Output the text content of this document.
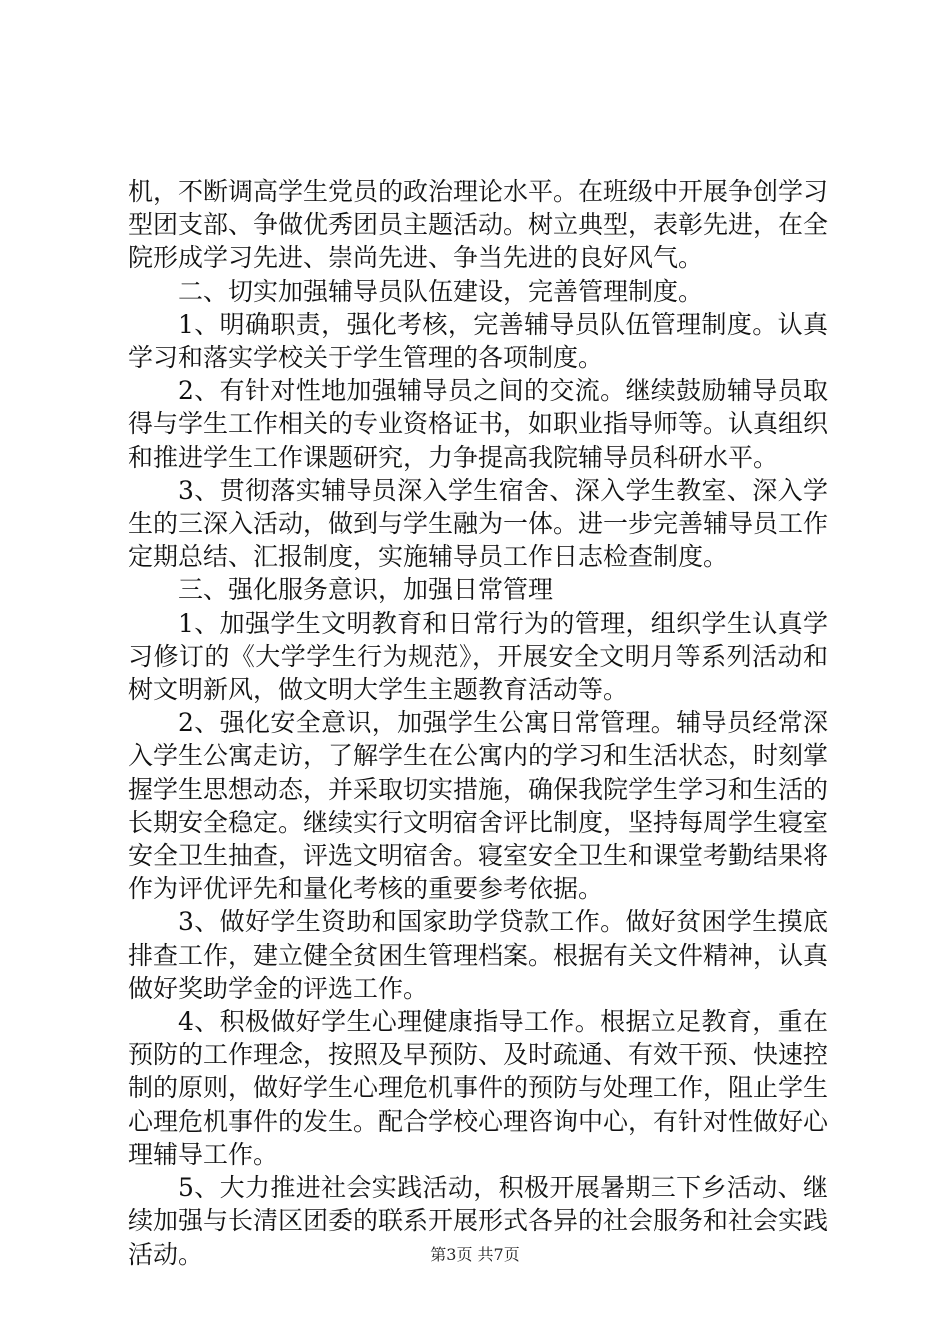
机，不断调高学生党员的政治理论水平。在班级中开展争创学习型团支部、争做优秀团员主题活动。树立典型，表彰先进，在全院形成学习先进、崇尚先进、争当先进的良好风气。

二、切实加强辅导员队伍建设，完善管理制度。

1、明确职责，强化考核，完善辅导员队伍管理制度。认真学习和落实学校关于学生管理的各项制度。

2、有针对性地加强辅导员之间的交流。继续鼓励辅导员取得与学生工作相关的专业资格证书，如职业指导师等。认真组织和推进学生工作课题研究，力争提高我院辅导员科研水平。

3、贯彻落实辅导员深入学生宿舍、深入学生教室、深入学生的三深入活动，做到与学生融为一体。进一步完善辅导员工作定期总结、汇报制度，实施辅导员工作日志检查制度。

三、强化服务意识，加强日常管理

1、加强学生文明教育和日常行为的管理，组织学生认真学习修订的《大学学生行为规范》，开展安全文明月等系列活动和树文明新风，做文明大学生主题教育活动等。

2、强化安全意识，加强学生公寓日常管理。辅导员经常深入学生公寓走访，了解学生在公寓内的学习和生活状态，时刻掌握学生思想动态，并采取切实措施，确保我院学生学习和生活的长期安全稳定。继续实行文明宿舍评比制度，坚持每周学生寝室安全卫生抽查，评选文明宿舍。寝室安全卫生和课堂考勤结果将作为评优评先和量化考核的重要参考依据。

3、做好学生资助和国家助学贷款工作。做好贫困学生摸底排查工作，建立健全贫困生管理档案。根据有关文件精神，认真做好奖助学金的评选工作。

4、积极做好学生心理健康指导工作。根据立足教育，重在预防的工作理念，按照及早预防、及时疏通、有效干预、快速控制的原则，做好学生心理危机事件的预防与处理工作，阻止学生心理危机事件的发生。配合学校心理咨询中心，有针对性做好心理辅导工作。

5、大力推进社会实践活动，积极开展暑期三下乡活动、继续加强与长清区团委的联系开展形式各异的社会服务和社会实践活动。	第3页 共7页
